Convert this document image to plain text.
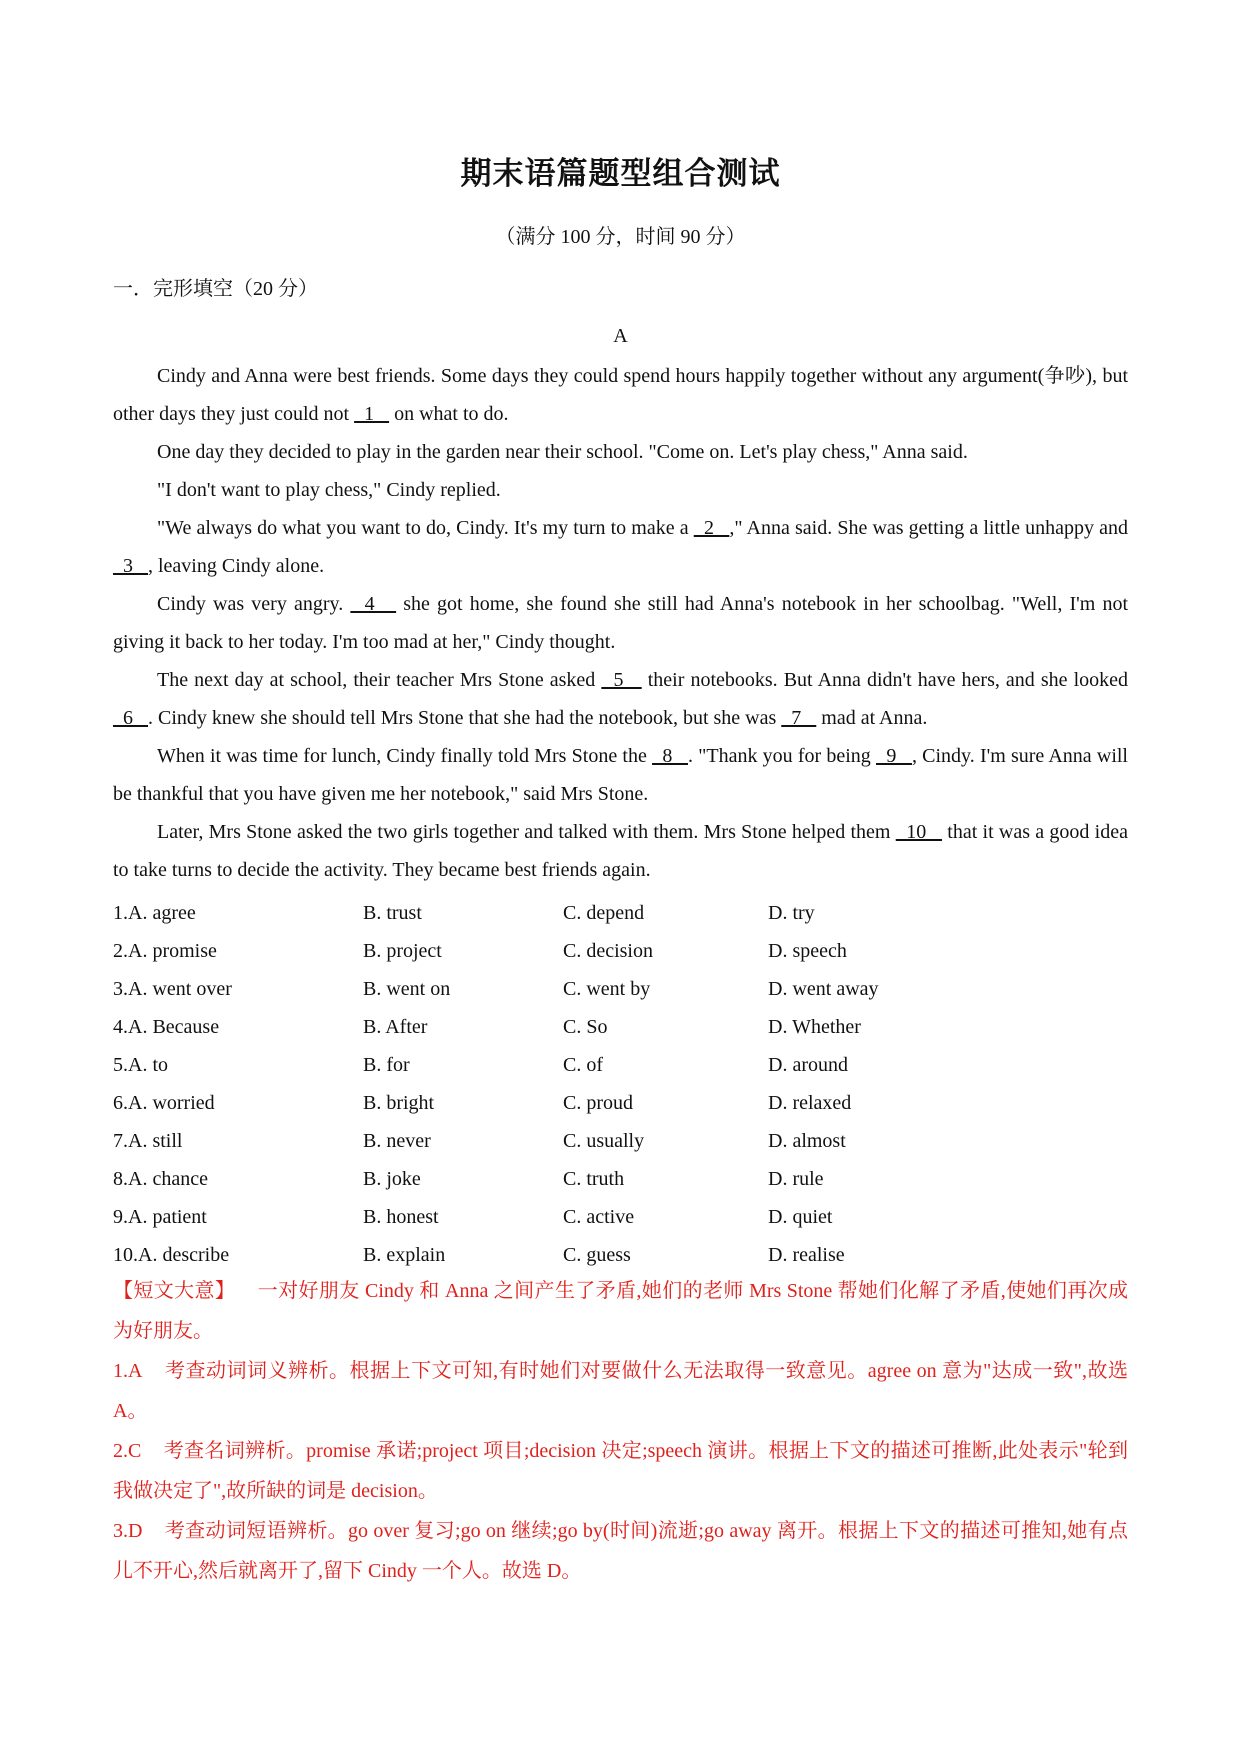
期末语篇题型组合测试
（满分 100 分，时间 90 分）
一．完形填空（20 分）
A

Cindy and Anna were best friends. Some days they could spend hours happily together without any argument(争吵), but other days they just could not   1    on what to do.

One day they decided to play in the garden near their school. "Come on. Let's play chess," Anna said.

"I don't want to play chess," Cindy replied.

"We always do what you want to do, Cindy. It's my turn to make a   2   ," Anna said. She was getting a little unhappy and   3   , leaving Cindy alone.

Cindy was very angry.   4    she got home, she found she still had Anna's notebook in her schoolbag. "Well, I'm not giving it back to her today. I'm too mad at her," Cindy thought.

The next day at school, their teacher Mrs Stone asked   5    their notebooks. But Anna didn't have hers, and she looked   6   . Cindy knew she should tell Mrs Stone that she had the notebook, but she was   7    mad at Anna.

When it was time for lunch, Cindy finally told Mrs Stone the   8   . "Thank you for being   9   , Cindy. I'm sure Anna will be thankful that you have given me her notebook," said Mrs Stone.

Later, Mrs Stone asked the two girls together and talked with them. Mrs Stone helped them   10    that it was a good idea to take turns to decide the activity. They became best friends again.

1.A. agree	B. trust	C. depend	D. try
2.A. promise	B. project	C. decision	D. speech
3.A. went over	B. went on	C. went by	D. went away
4.A. Because	B. After	C. So	D. Whether
5.A. to	B. for	C. of	D. around
6.A. worried	B. bright	C. proud	D. relaxed
7.A. still	B. never	C. usually	D. almost
8.A. chance	B. joke	C. truth	D. rule
9.A. patient	B. honest	C. active	D. quiet
10.A. describe	B. explain	C. guess	D. realise

【短文大意】 一对好朋友 Cindy 和 Anna 之间产生了矛盾,她们的老师 Mrs Stone 帮她们化解了矛盾,使她们再次成为好朋友。

1.A 考查动词词义辨析。根据上下文可知,有时她们对要做什么无法取得一致意见。agree on 意为"达成一致",故选 A。

2.C 考查名词辨析。promise 承诺;project 项目;decision 决定;speech 演讲。根据上下文的描述可推断,此处表示"轮到我做决定了",故所缺的词是 decision。

3.D 考查动词短语辨析。go over 复习;go on 继续;go by(时间)流逝;go away 离开。根据上下文的描述可推知,她有点儿不开心,然后就离开了,留下 Cindy 一个人。故选 D。
